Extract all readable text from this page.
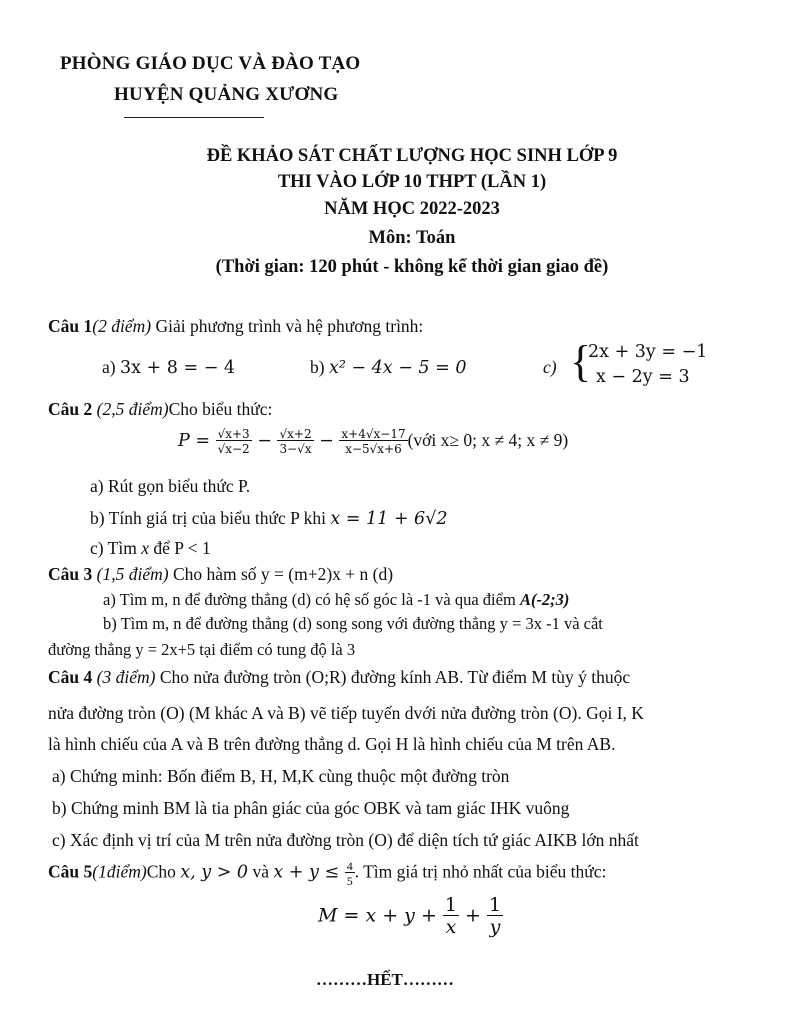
PHÒNG GIÁO DỤC VÀ ĐÀO TẠO
HUYỆN QUẢNG XƯƠNG
ĐỀ KHẢO SÁT CHẤT LƯỢNG HỌC SINH LỚP 9
THI VÀO LỚP 10 THPT (LẦN 1)
NĂM HỌC 2022-2023
Môn: Toán
(Thời gian: 120 phút - không kể thời gian giao đề)
Câu 1(2 điểm) Giải phương trình và hệ phương trình:
a) 3x + 8 = − 4	b) x² − 4x − 5 = 0	c) {
2x + 3y = −1
x − 2y = 3
Câu 2 (2,5 điểm)Cho biểu thức:
$P = \frac{√x+3}{√x-2} - \frac{√x+2}{3-√x} - \frac{x+4√x-17}{x-5√x+6}$ (với x≥ 0; x ≠ 4; x ≠ 9)
a) Rút gọn biểu thức P.
b) Tính giá trị của biểu thức P khi x = 11 + 6√2
c) Tìm x để P < 1
Câu 3 (1,5 điểm) Cho hàm số y = (m+2)x + n (d)
a) Tìm m, n để đường thẳng (d) có hệ số góc là -1 và qua điểm A(-2;3)
b) Tìm m, n để đường thẳng (d) song song với đường thẳng y = 3x -1 và cắt
đường thẳng y = 2x+5 tại điểm có tung độ là 3
Câu 4 (3 điểm) Cho nửa đường tròn (O;R) đường kính AB. Từ điểm M tùy ý thuộc
nửa đường tròn (O) (M khác A và B) vẽ tiếp tuyến dvới nửa đường tròn (O). Gọi I, K
là hình chiếu của A và B trên đường thẳng d. Gọi H là hình chiếu của M trên AB.
a) Chứng minh: Bốn điểm B, H, M,K cùng thuộc một đường tròn
b) Chứng minh BM là tia phân giác của góc OBK và tam giác IHK vuông
c) Xác định vị trí của M trên nửa đường tròn (O) để diện tích tứ giác AIKB lớn nhất
Câu 5(1điểm)Cho x, y > 0 và $x + y \le \frac{4}{5}$ . Tìm giá trị nhỏ nhất của biểu thức:
$M = x + y + \frac{1}{x} + \frac{1}{y}$
………HẾT………
